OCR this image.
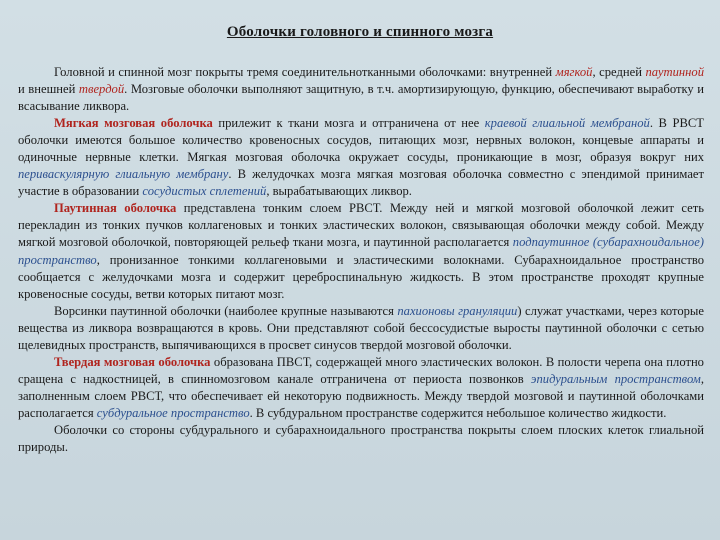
Оболочки головного и спинного мозга

Головной и спинной мозг покрыты тремя соединительнотканными оболочками: внутренней мягкой, средней паутинной и внешней твердой. Мозговые оболочки выполняют защитную, в т.ч. амортизирующую, функцию, обеспечивают выработку и всасывание ликвора.

Мягкая мозговая оболочка прилежит к ткани мозга и отграничена от нее краевой глиальной мембраной. В РВСТ оболочки имеются большое количество кровеносных сосудов, питающих мозг, нервных волокон, концевые аппараты и одиночные нервные клетки. Мягкая мозговая оболочка окружает сосуды, проникающие в мозг, образуя вокруг них периваскулярную глиальную мембрану. В желудочках мозга мягкая мозговая оболочка совместно с эпендимой принимает участие в образовании сосудистых сплетений, вырабатывающих ликвор.

Паутинная оболочка представлена тонким слоем РВСТ. Между ней и мягкой мозговой оболочкой лежит сеть перекладин из тонких пучков коллагеновых и тонких эластических волокон, связывающая оболочки между собой. Между мягкой мозговой оболочкой, повторяющей рельеф ткани мозга, и паутинной располагается подпаутинное (субарахноидальное) пространство, пронизанное тонкими коллагеновыми и эластическими волокнами. Субарахноидальное пространство сообщается с желудочками мозга и содержит цереброспинальную жидкость. В этом пространстве проходят крупные кровеносные сосуды, ветви которых питают мозг.

Ворсинки паутинной оболочки (наиболее крупные называются пахионовы грануляции) служат участками, через которые вещества из ликвора возвращаются в кровь. Они представляют собой бессосудистые выросты паутинной оболочки с сетью щелевидных пространств, выпячивающихся в просвет синусов твердой мозговой оболочки.

Твердая мозговая оболочка образована ПВСТ, содержащей много эластических волокон. В полости черепа она плотно сращена с надкостницей, в спинномозговом канале отграничена от периоста позвонков эпидуральным пространством, заполненным слоем РВСТ, что обеспечивает ей некоторую подвижность. Между твердой мозговой и паутинной оболочками располагается субдуральное пространство. В субдуральном пространстве содержится небольшое количество жидкости.

Оболочки со стороны субдурального и субарахноидального пространства покрыты слоем плоских клеток глиальной природы.
